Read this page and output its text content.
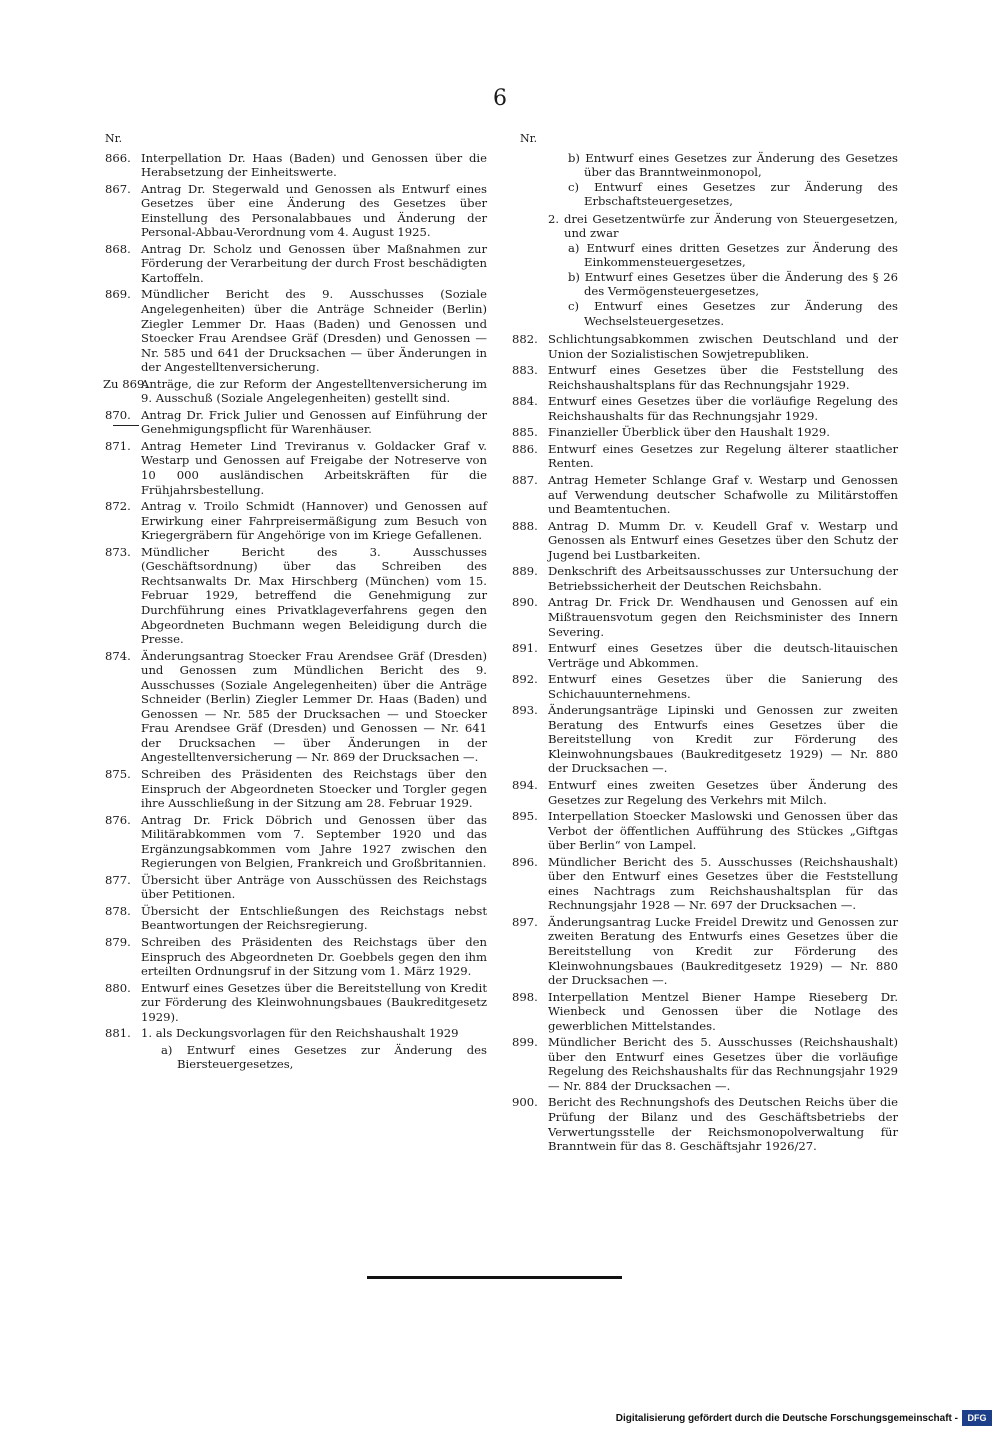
6
Nr.
866. Interpellation Dr. Haas (Baden) und Genossen über die Herabsetzung der Einheitswerte.
867. Antrag Dr. Stegerwald und Genossen als Entwurf eines Gesetzes über eine Änderung des Gesetzes über Einstellung des Personalabbaues und Änderung der Personal-Abbau-Verordnung vom 4. August 1925.
868. Antrag Dr. Scholz und Genossen über Maßnahmen zur Förderung der Verarbeitung der durch Frost beschädigten Kartoffeln.
869. Mündlicher Bericht des 9. Ausschusses (Soziale Angelegenheiten) über die Anträge Schneider (Berlin) Ziegler Lemmer Dr. Haas (Baden) und Genossen und Stoecker Frau Arendsee Gräf (Dresden) und Genossen — Nr. 585 und 641 der Drucksachen — über Änderungen in der Angestelltenversicherung.
Zu 869.
Anträge, die zur Reform der Angestelltenversicherung im 9. Ausschuß (Soziale Angelegenheiten) gestellt sind.
870. Antrag Dr. Frick Julier und Genossen auf Einführung der Genehmigungspflicht für Warenhäuser.
871. Antrag Hemeter Lind Treviranus v. Goldacker Graf v. Westarp und Genossen auf Freigabe der Notreserve von 10 000 ausländischen Arbeitskräften für die Frühjahrsbestellung.
872. Antrag v. Troilo Schmidt (Hannover) und Genossen auf Erwirkung einer Fahrpreisermäßigung zum Besuch von Kriegergräbern für Angehörige von im Kriege Gefallenen.
873. Mündlicher Bericht des 3. Ausschusses (Geschäftsordnung) über das Schreiben des Rechtsanwalts Dr. Max Hirschberg (München) vom 15. Februar 1929, betreffend die Genehmigung zur Durchführung eines Privatklageverfahrens gegen den Abgeordneten Buchmann wegen Beleidigung durch die Presse.
874. Änderungsantrag Stoecker Frau Arendsee Gräf (Dresden) und Genossen zum Mündlichen Bericht des 9. Ausschusses (Soziale Angelegenheiten) über die Anträge Schneider (Berlin) Ziegler Lemmer Dr. Haas (Baden) und Genossen — Nr. 585 der Drucksachen — und Stoecker Frau Arendsee Gräf (Dresden) und Genossen — Nr. 641 der Drucksachen — über Änderungen in der Angestelltenversicherung — Nr. 869 der Drucksachen —.
875. Schreiben des Präsidenten des Reichstags über den Einspruch der Abgeordneten Stoecker und Torgler gegen ihre Ausschließung in der Sitzung am 28. Februar 1929.
876. Antrag Dr. Frick Döbrich und Genossen über das Militärabkommen vom 7. September 1920 und das Ergänzungsabkommen vom Jahre 1927 zwischen den Regierungen von Belgien, Frankreich und Großbritannien.
877. Übersicht über Anträge von Ausschüssen des Reichstags über Petitionen.
878. Übersicht der Entschließungen des Reichstags nebst Beantwortungen der Reichsregierung.
879. Schreiben des Präsidenten des Reichstags über den Einspruch des Abgeordneten Dr. Goebbels gegen den ihm erteilten Ordnungsruf in der Sitzung vom 1. März 1929.
880. Entwurf eines Gesetzes über die Bereitstellung von Kredit zur Förderung des Kleinwohnungsbaues (Baukreditgesetz 1929).
881. 1. als Deckungsvorlagen für den Reichshaushalt 1929
a) Entwurf eines Gesetzes zur Änderung des Biersteuergesetzes,
Nr.
b) Entwurf eines Gesetzes zur Änderung des Gesetzes über das Branntweinmonopol,
c) Entwurf eines Gesetzes zur Änderung des Erbschaftsteuergesetzes,
2. drei Gesetzentwürfe zur Änderung von Steuergesetzen, und zwar
a) Entwurf eines dritten Gesetzes zur Änderung des Einkommensteuergesetzes,
b) Entwurf eines Gesetzes über die Änderung des § 26 des Vermögensteuergesetzes,
c) Entwurf eines Gesetzes zur Änderung des Wechselsteuergesetzes.
882. Schlichtungsabkommen zwischen Deutschland und der Union der Sozialistischen Sowjetrepubliken.
883. Entwurf eines Gesetzes über die Feststellung des Reichshaushaltsplans für das Rechnungsjahr 1929.
884. Entwurf eines Gesetzes über die vorläufige Regelung des Reichshaushalts für das Rechnungsjahr 1929.
885. Finanzieller Überblick über den Haushalt 1929.
886. Entwurf eines Gesetzes zur Regelung älterer staatlicher Renten.
887. Antrag Hemeter Schlange Graf v. Westarp und Genossen auf Verwendung deutscher Schafwolle zu Militärstoffen und Beamtentuchen.
888. Antrag D. Mumm Dr. v. Keudell Graf v. Westarp und Genossen als Entwurf eines Gesetzes über den Schutz der Jugend bei Lustbarkeiten.
889. Denkschrift des Arbeitsausschusses zur Untersuchung der Betriebssicherheit der Deutschen Reichsbahn.
890. Antrag Dr. Frick Dr. Wendhausen und Genossen auf ein Mißtrauensvotum gegen den Reichsminister des Innern Severing.
891. Entwurf eines Gesetzes über die deutsch-litauischen Verträge und Abkommen.
892. Entwurf eines Gesetzes über die Sanierung des Schichauunternehmens.
893. Änderungsanträge Lipinski und Genossen zur zweiten Beratung des Entwurfs eines Gesetzes über die Bereitstellung von Kredit zur Förderung des Kleinwohnungsbaues (Baukreditgesetz 1929) — Nr. 880 der Drucksachen —.
894. Entwurf eines zweiten Gesetzes über Änderung des Gesetzes zur Regelung des Verkehrs mit Milch.
895. Interpellation Stoecker Maslowski und Genossen über das Verbot der öffentlichen Aufführung des Stückes „Giftgas über Berlin“ von Lampel.
896. Mündlicher Bericht des 5. Ausschusses (Reichshaushalt) über den Entwurf eines Gesetzes über die Feststellung eines Nachtrags zum Reichshaushaltsplan für das Rechnungsjahr 1928 — Nr. 697 der Drucksachen —.
897. Änderungsantrag Lucke Freidel Drewitz und Genossen zur zweiten Beratung des Entwurfs eines Gesetzes über die Bereitstellung von Kredit zur Förderung des Kleinwohnungsbaues (Baukreditgesetz 1929) — Nr. 880 der Drucksachen —.
898. Interpellation Mentzel Biener Hampe Rieseberg Dr. Wienbeck und Genossen über die Notlage des gewerblichen Mittelstandes.
899. Mündlicher Bericht des 5. Ausschusses (Reichshaushalt) über den Entwurf eines Gesetzes über die vorläufige Regelung des Reichshaushalts für das Rechnungsjahr 1929 — Nr. 884 der Drucksachen —.
900. Bericht des Rechnungshofs des Deutschen Reichs über die Prüfung der Bilanz und des Geschäftsbetriebs der Verwertungsstelle der Reichsmonopolverwaltung für Branntwein für das 8. Geschäftsjahr 1926/27.
Digitalisierung gefördert durch die Deutsche Forschungsgemeinschaft -	DFG
